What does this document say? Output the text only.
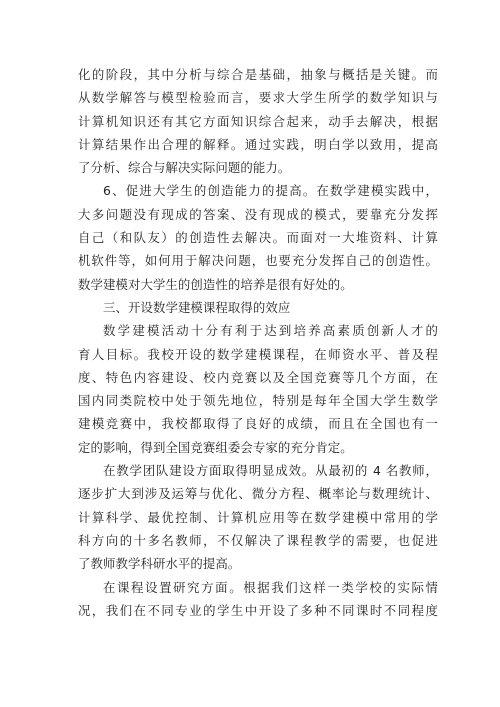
化的阶段，其中分析与综合是基础，抽象与概括是关键。而
从数学解答与模型检验而言，要求大学生所学的数学知识与
计算机知识还有其它方面知识综合起来，动手去解决，根据
计算结果作出合理的解释。通过实践，明白学以致用，提高
了分析、综合与解决实际问题的能力。
6、促进大学生的创造能力的提高。在数学建模实践中，
大多问题没有现成的答案、没有现成的模式，要靠充分发挥
自己（和队友）的创造性去解决。而面对一大堆资料、计算
机软件等，如何用于解决问题，也要充分发挥自己的创造性。
数学建模对大学生的创造性的培养是很有好处的。
三、开设数学建模课程取得的效应
数学建模活动十分有利于达到培养高素质创新人才的
育人目标。我校开设的数学建模课程，在师资水平、普及程
度、特色内容建设、校内竞赛以及全国竞赛等几个方面，在
国内同类院校中处于领先地位，特别是每年全国大学生数学
建模竞赛中，我校都取得了良好的成绩，而且在全国也有一
定的影响，得到全国竞赛组委会专家的充分肯定。
在教学团队建设方面取得明显成效。从最初的 4 名教师，
逐步扩大到涉及运筹与优化、微分方程、概率论与数理统计、
计算科学、最优控制、计算机应用等在数学建模中常用的学
科方向的十多名教师，不仅解决了课程教学的需要，也促进
了教师教学科研水平的提高。
在课程设置研究方面。根据我们这样一类学校的实际情
况，我们在不同专业的学生中开设了多种不同课时不同程度
